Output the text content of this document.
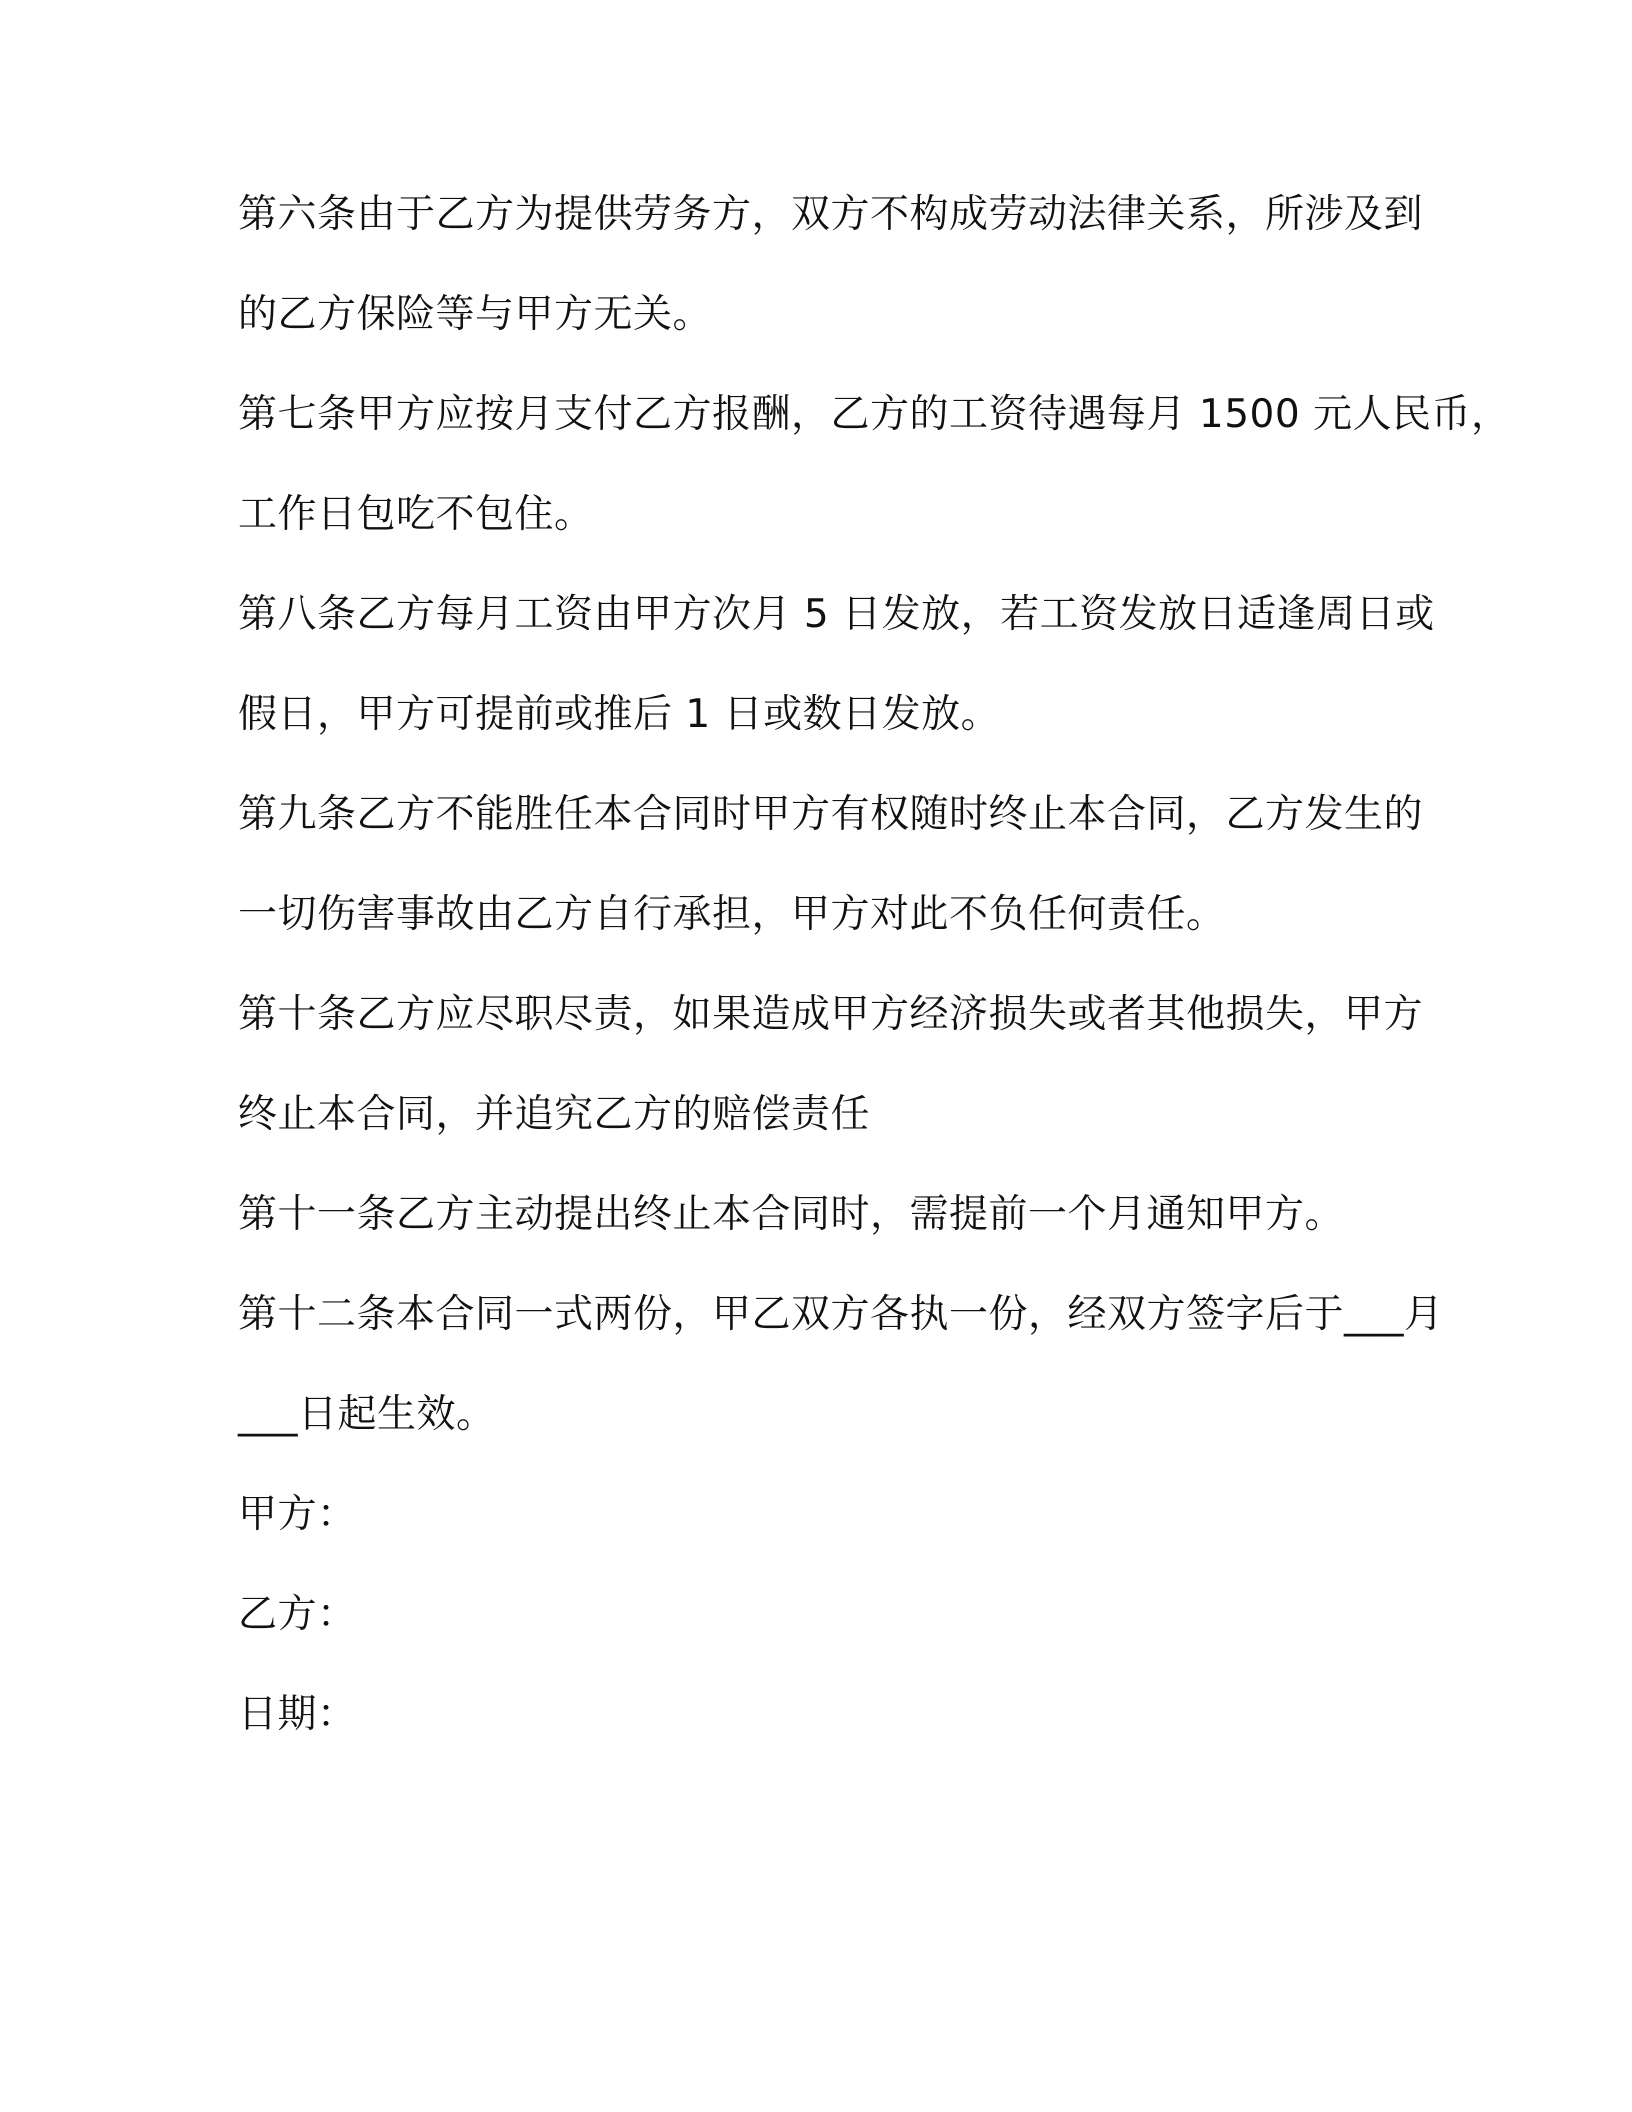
第六条由于乙方为提供劳务方，双方不构成劳动法律关系，所涉及到

的乙方保险等与甲方无关。

第七条甲方应按月支付乙方报酬，乙方的工资待遇每月 1500 元人民币，

工作日包吃不包住。

第八条乙方每月工资由甲方次月 5 日发放，若工资发放日适逢周日或

假日，甲方可提前或推后 1 日或数日发放。

第九条乙方不能胜任本合同时甲方有权随时终止本合同，乙方发生的

一切伤害事故由乙方自行承担，甲方对此不负任何责任。

第十条乙方应尽职尽责，如果造成甲方经济损失或者其他损失，甲方

终止本合同，并追究乙方的赔偿责任

第十一条乙方主动提出终止本合同时，需提前一个月通知甲方。

第十二条本合同一式两份，甲乙双方各执一份，经双方签字后于___月

___日起生效。

甲方：

乙方：

日期：
